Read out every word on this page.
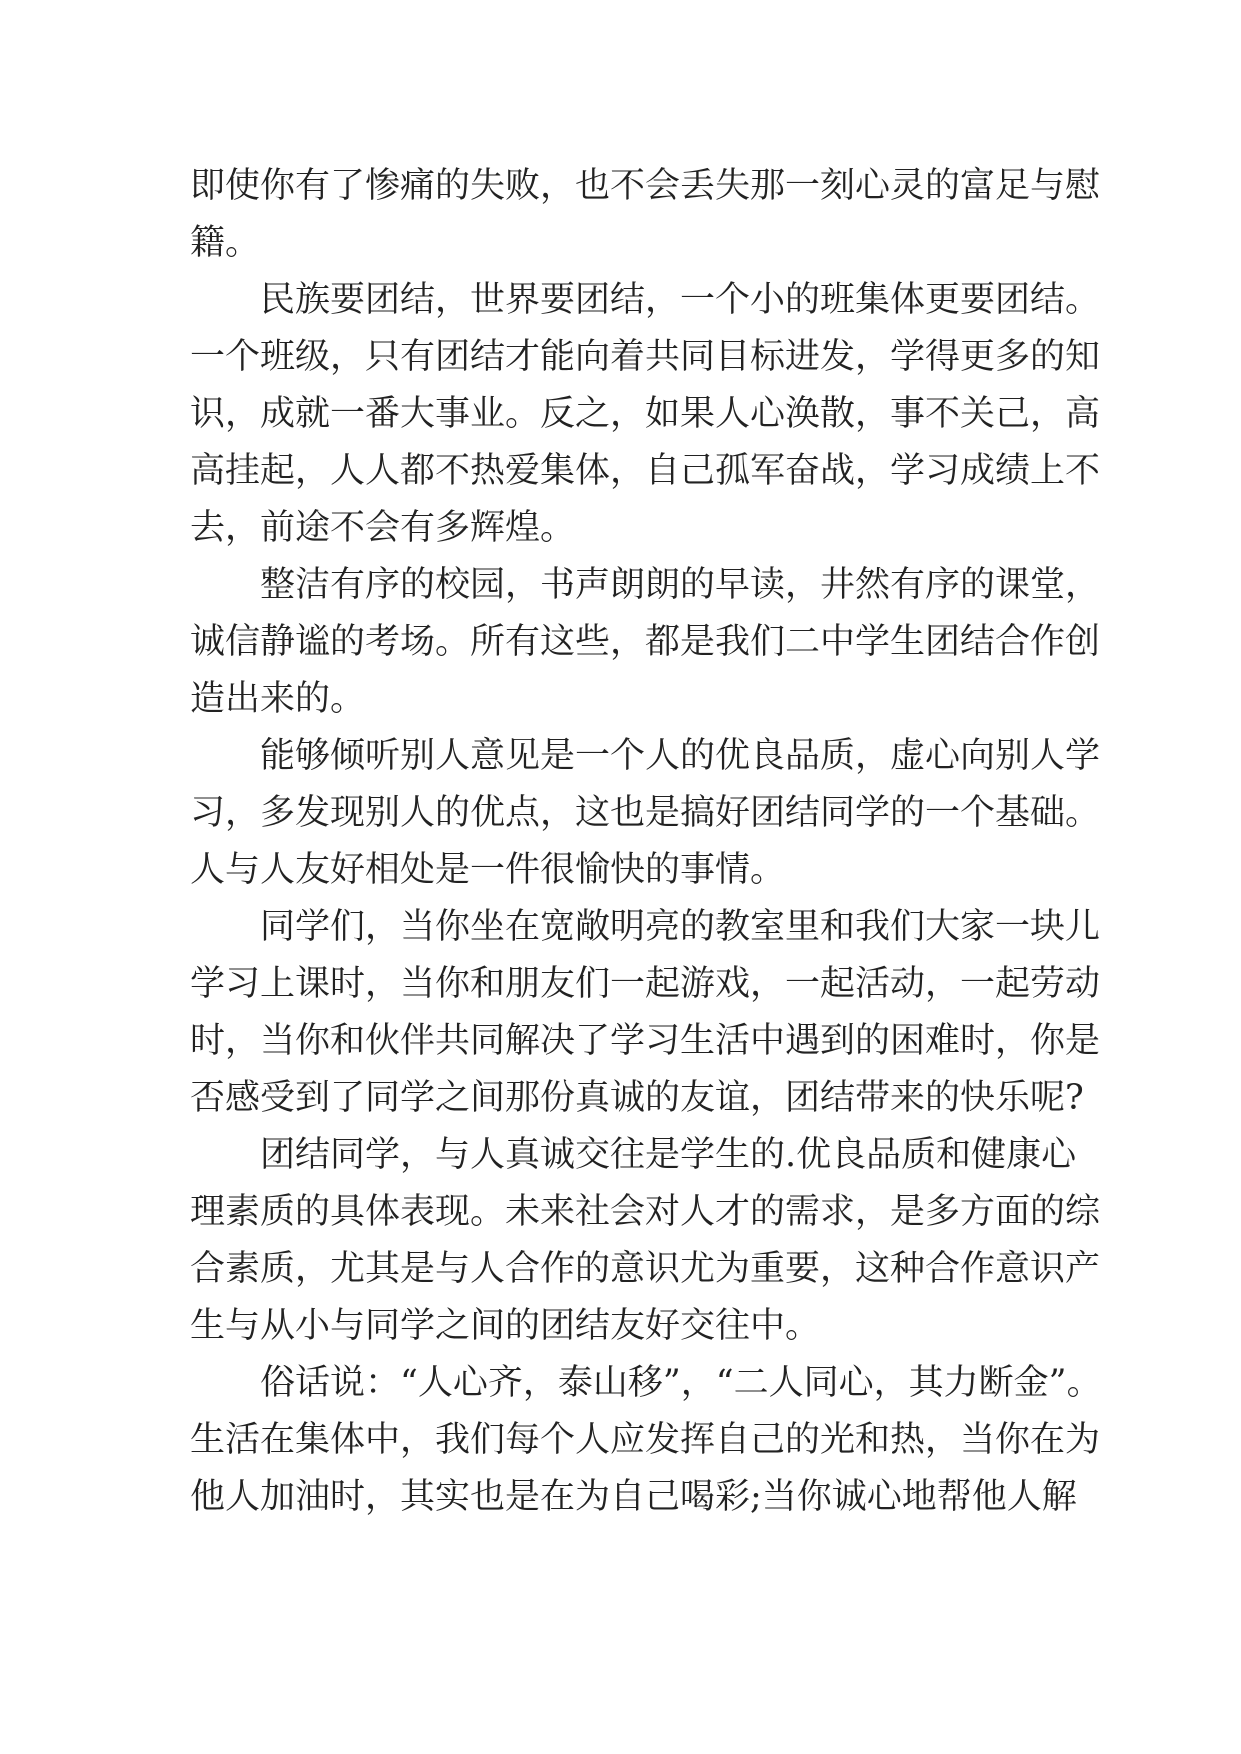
即使你有了惨痛的失败，也不会丢失那一刻心灵的富足与慰
籍。
民族要团结，世界要团结，一个小的班集体更要团结。
一个班级，只有团结才能向着共同目标进发，学得更多的知
识，成就一番大事业。反之，如果人心涣散，事不关己，高
高挂起，人人都不热爱集体，自己孤军奋战，学习成绩上不
去，前途不会有多辉煌。
整洁有序的校园，书声朗朗的早读，井然有序的课堂，
诚信静谧的考场。所有这些，都是我们二中学生团结合作创
造出来的。
能够倾听别人意见是一个人的优良品质，虚心向别人学
习，多发现别人的优点，这也是搞好团结同学的一个基础。
人与人友好相处是一件很愉快的事情。
同学们，当你坐在宽敞明亮的教室里和我们大家一块儿
学习上课时，当你和朋友们一起游戏，一起活动，一起劳动
时，当你和伙伴共同解决了学习生活中遇到的困难时，你是
否感受到了同学之间那份真诚的友谊，团结带来的快乐呢?
团结同学，与人真诚交往是学生的.优良品质和健康心
理素质的具体表现。未来社会对人才的需求，是多方面的综
合素质，尤其是与人合作的意识尤为重要，这种合作意识产
生与从小与同学之间的团结友好交往中。
俗话说：“人心齐，泰山移”，“二人同心，其力断金”。
生活在集体中，我们每个人应发挥自己的光和热，当你在为
他人加油时，其实也是在为自己喝彩;当你诚心地帮他人解
